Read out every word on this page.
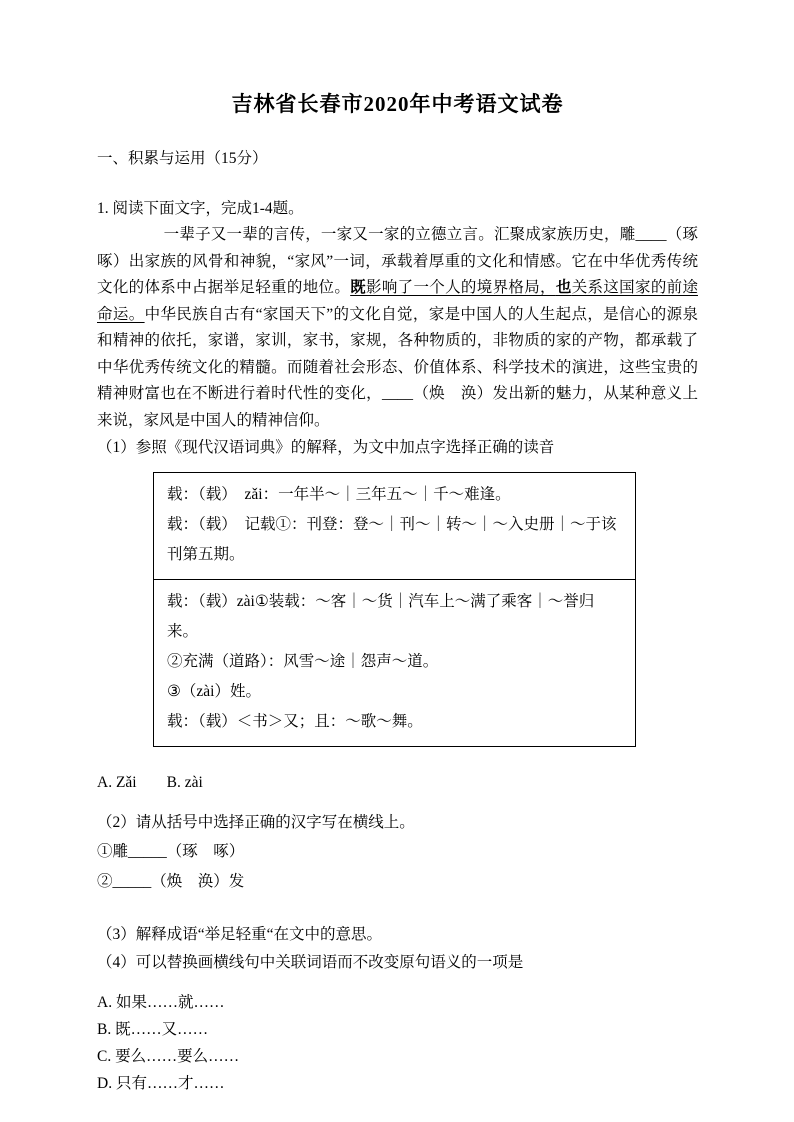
吉林省长春市2020年中考语文试卷

一、积累与运用（15分）

1. 阅读下面文字，完成1-4题。

一辈子又一辈的言传，一家又一家的立德立言。汇聚成家族历史，雕____（琢　啄）出家族的风骨和神貌，“家风”一词，承载着厚重的文化和情感。它在中华优秀传统文化的体系中占据举足轻重的地位。既影响了一个人的境界格局，也关系这国家的前途命运。中华民族自古有“家国天下”的文化自觉，家是中国人的人生起点，是信心的源泉和精神的依托，家谱，家训，家书，家规，各种物质的，非物质的家的产物，都承载了中华优秀传统文化的精髓。而随着社会形态、价值体系、科学技术的演进，这些宝贵的精神财富也在不断进行着时代性的变化，____（焕　涣）发出新的魅力，从某种意义上来说，家风是中国人的精神信仰。

（1）参照《现代汉语词典》的解释，为文中加点字选择正确的读音

载：（载）　zǎi：一年半～｜三年五～｜千～难逢。

载：（载）　记载①：刊登：登～｜刊～｜转～｜～入史册｜～于该刊第五期。

载：（载）zài①装载：～客｜～货｜汽车上～满了乘客｜～誉归来。

②充满（道路）：风雪～途｜怨声～道。

③（zài）姓。

载：（载）＜书＞又；且：～歌～舞。

A. Zǎi B. zài

（2）请从括号中选择正确的汉字写在横线上。

①雕_____（琢　啄）

②_____（焕　涣）发

（3）解释成语“举足轻重“在文中的意思。

（4）可以替换画横线句中关联词语而不改变原句语义的一项是

A. 如果……就……

B. 既……又……

C. 要么……要么……

D. 只有……才……
